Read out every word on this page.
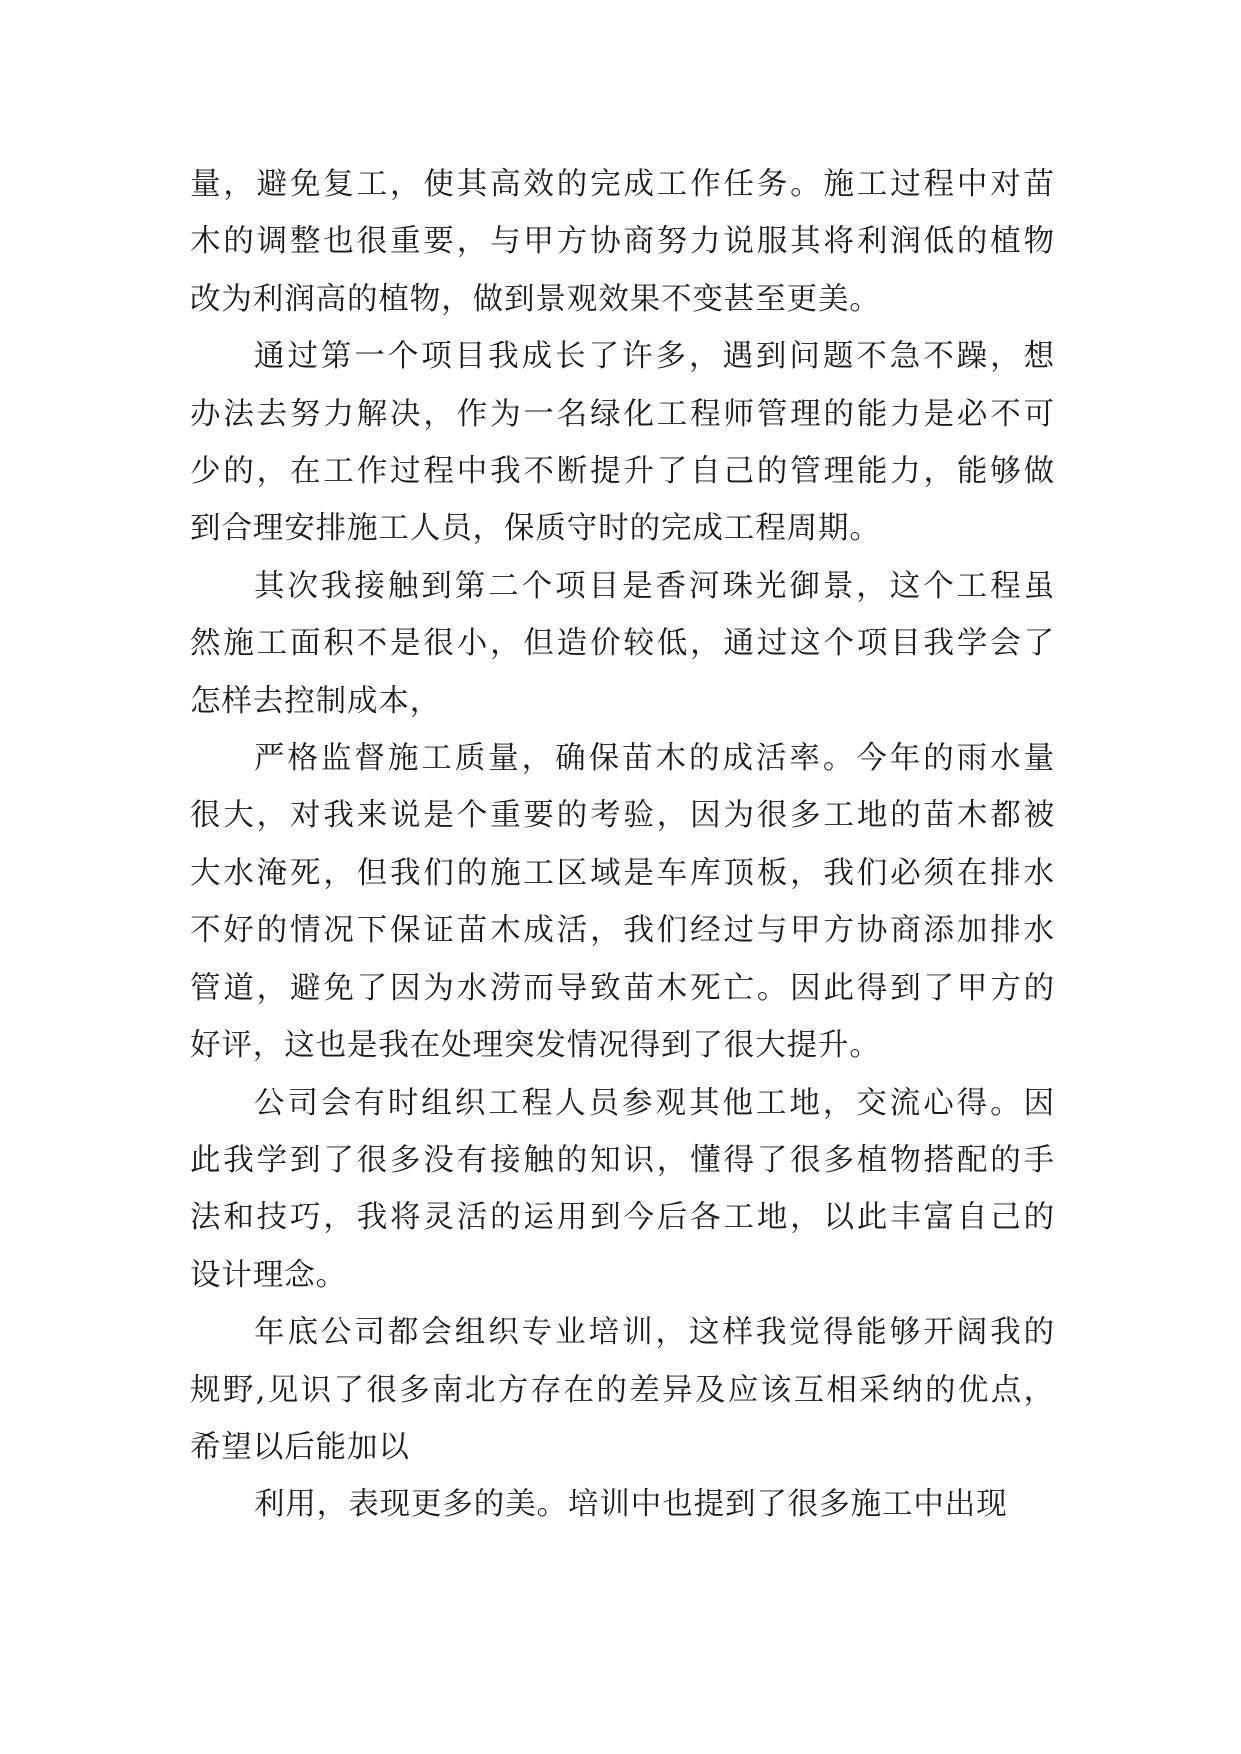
量，避免复工，使其高效的完成工作任务。施工过程中对苗
木的调整也很重要，与甲方协商努力说服其将利润低的植物
改为利润高的植物，做到景观效果不变甚至更美。
通过第一个项目我成长了许多，遇到问题不急不躁，想
办法去努力解决，作为一名绿化工程师管理的能力是必不可
少的，在工作过程中我不断提升了自己的管理能力，能够做
到合理安排施工人员，保质守时的完成工程周期。
其次我接触到第二个项目是香河珠光御景，这个工程虽
然施工面积不是很小，但造价较低，通过这个项目我学会了
怎样去控制成本，
严格监督施工质量，确保苗木的成活率。今年的雨水量
很大，对我来说是个重要的考验，因为很多工地的苗木都被
大水淹死，但我们的施工区域是车库顶板，我们必须在排水
不好的情况下保证苗木成活，我们经过与甲方协商添加排水
管道，避免了因为水涝而导致苗木死亡。因此得到了甲方的
好评，这也是我在处理突发情况得到了很大提升。
公司会有时组织工程人员参观其他工地，交流心得。因
此我学到了很多没有接触的知识，懂得了很多植物搭配的手
法和技巧，我将灵活的运用到今后各工地，以此丰富自己的
设计理念。
年底公司都会组织专业培训，这样我觉得能够开阔我的
规野,见识了很多南北方存在的差异及应该互相采纳的优点，
希望以后能加以
利用，表现更多的美。培训中也提到了很多施工中出现
